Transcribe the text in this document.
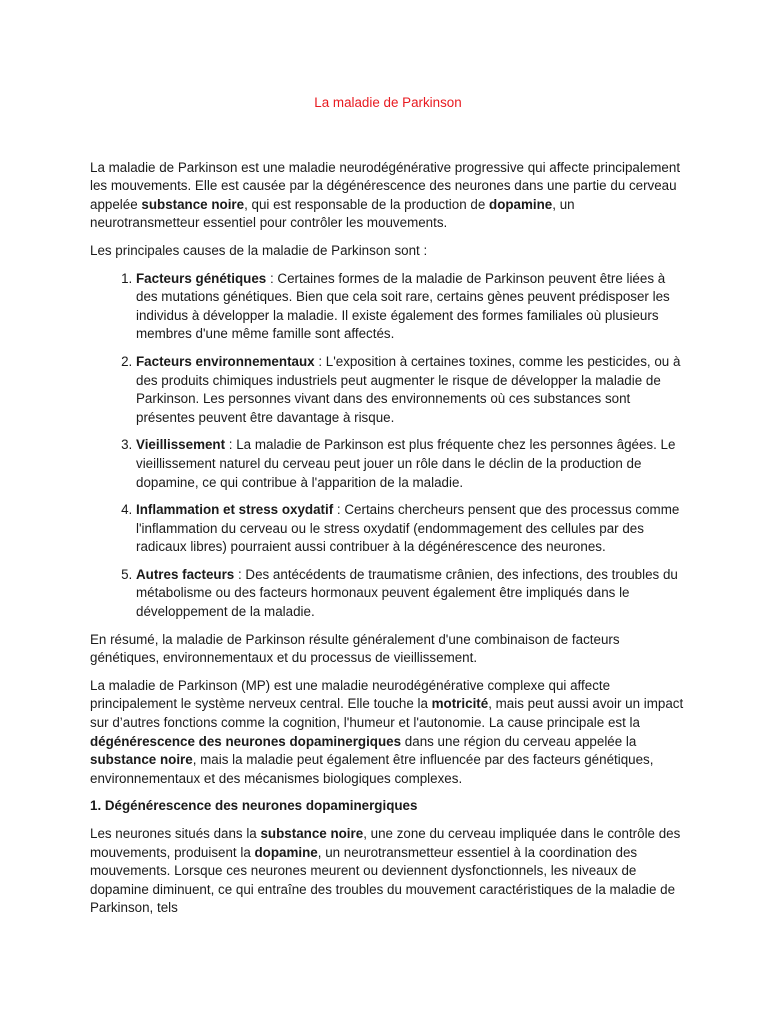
La maladie de Parkinson

La maladie de Parkinson est une maladie neurodégénérative progressive qui affecte principalement les mouvements. Elle est causée par la dégénérescence des neurones dans une partie du cerveau appelée substance noire, qui est responsable de la production de dopamine, un neurotransmetteur essentiel pour contrôler les mouvements.

Les principales causes de la maladie de Parkinson sont :

1. Facteurs génétiques : Certaines formes de la maladie de Parkinson peuvent être liées à des mutations génétiques. Bien que cela soit rare, certains gènes peuvent prédisposer les individus à développer la maladie. Il existe également des formes familiales où plusieurs membres d'une même famille sont affectés.
2. Facteurs environnementaux : L'exposition à certaines toxines, comme les pesticides, ou à des produits chimiques industriels peut augmenter le risque de développer la maladie de Parkinson. Les personnes vivant dans des environnements où ces substances sont présentes peuvent être davantage à risque.
3. Vieillissement : La maladie de Parkinson est plus fréquente chez les personnes âgées. Le vieillissement naturel du cerveau peut jouer un rôle dans le déclin de la production de dopamine, ce qui contribue à l'apparition de la maladie.
4. Inflammation et stress oxydatif : Certains chercheurs pensent que des processus comme l'inflammation du cerveau ou le stress oxydatif (endommagement des cellules par des radicaux libres) pourraient aussi contribuer à la dégénérescence des neurones.
5. Autres facteurs : Des antécédents de traumatisme crânien, des infections, des troubles du métabolisme ou des facteurs hormonaux peuvent également être impliqués dans le développement de la maladie.

En résumé, la maladie de Parkinson résulte généralement d'une combinaison de facteurs génétiques, environnementaux et du processus de vieillissement.

La maladie de Parkinson (MP) est une maladie neurodégénérative complexe qui affecte principalement le système nerveux central. Elle touche la motricité, mais peut aussi avoir un impact sur d’autres fonctions comme la cognition, l'humeur et l'autonomie. La cause principale est la dégénérescence des neurones dopaminergiques dans une région du cerveau appelée la substance noire, mais la maladie peut également être influencée par des facteurs génétiques, environnementaux et des mécanismes biologiques complexes.

1. Dégénérescence des neurones dopaminergiques

Les neurones situés dans la substance noire, une zone du cerveau impliquée dans le contrôle des mouvements, produisent la dopamine, un neurotransmetteur essentiel à la coordination des mouvements. Lorsque ces neurones meurent ou deviennent dysfonctionnels, les niveaux de dopamine diminuent, ce qui entraîne des troubles du mouvement caractéristiques de la maladie de Parkinson, tels
